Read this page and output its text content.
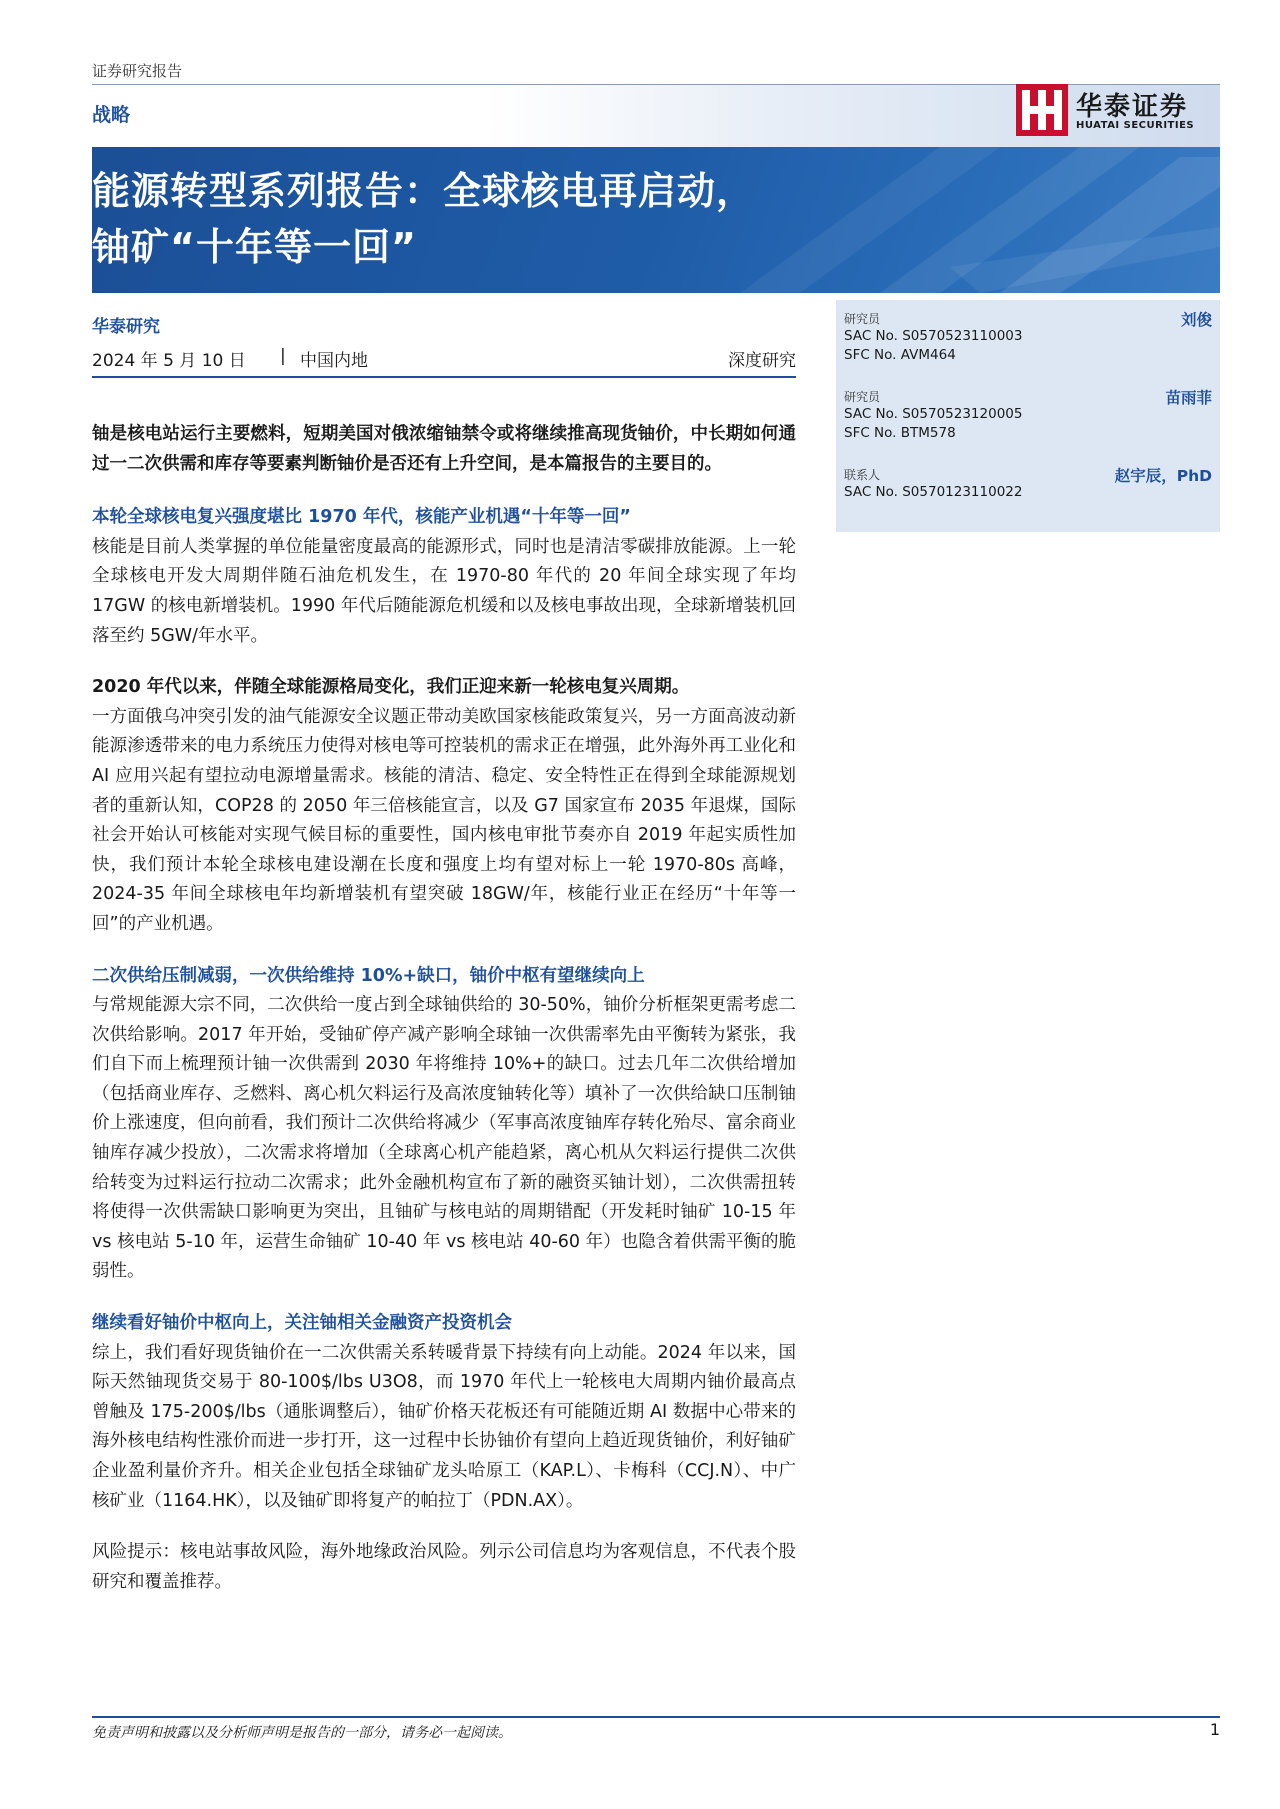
证券研究报告
战略	华泰证券
HUATAI SECURITIES
能源转型系列报告：全球核电再启动，
铀矿“十年等一回”
华泰研究
2024 年 5 月 10 日 | 中国内地	深度研究

铀是核电站运行主要燃料，短期美国对俄浓缩铀禁令或将继续推高现货铀价，中长期如何通过一二次供需和库存等要素判断铀价是否还有上升空间，是本篇报告的主要目的。

本轮全球核电复兴强度堪比 1970 年代，核能产业机遇“十年等一回”

核能是目前人类掌握的单位能量密度最高的能源形式，同时也是清洁零碳排放能源。上一轮全球核电开发大周期伴随石油危机发生，在 1970-80 年代的 20 年间全球实现了年均 17GW 的核电新增装机。1990 年代后随能源危机缓和以及核电事故出现，全球新增装机回落至约 5GW/年水平。

2020 年代以来，伴随全球能源格局变化，我们正迎来新一轮核电复兴周期。

一方面俄乌冲突引发的油气能源安全议题正带动美欧国家核能政策复兴，另一方面高波动新能源渗透带来的电力系统压力使得对核电等可控装机的需求正在增强，此外海外再工业化和 AI 应用兴起有望拉动电源增量需求。核能的清洁、稳定、安全特性正在得到全球能源规划者的重新认知，COP28 的 2050 年三倍核能宣言，以及 G7 国家宣布 2035 年退煤，国际社会开始认可核能对实现气候目标的重要性，国内核电审批节奏亦自 2019 年起实质性加快，我们预计本轮全球核电建设潮在长度和强度上均有望对标上一轮 1970-80s 高峰，2024-35 年间全球核电年均新增装机有望突破 18GW/年，核能行业正在经历“十年等一回”的产业机遇。

二次供给压制减弱，一次供给维持 10%+缺口，铀价中枢有望继续向上

与常规能源大宗不同，二次供给一度占到全球铀供给的 30-50%，铀价分析框架更需考虑二次供给影响。2017 年开始，受铀矿停产减产影响全球铀一次供需率先由平衡转为紧张，我们自下而上梳理预计铀一次供需到 2030 年将维持 10%+的缺口。过去几年二次供给增加（包括商业库存、乏燃料、离心机欠料运行及高浓度铀转化等）填补了一次供给缺口压制铀价上涨速度，但向前看，我们预计二次供给将减少（军事高浓度铀库存转化殆尽、富余商业铀库存减少投放），二次需求将增加（全球离心机产能趋紧，离心机从欠料运行提供二次供给转变为过料运行拉动二次需求；此外金融机构宣布了新的融资买铀计划），二次供需扭转将使得一次供需缺口影响更为突出，且铀矿与核电站的周期错配（开发耗时铀矿 10-15 年 vs 核电站 5-10 年，运营生命铀矿 10-40 年 vs 核电站 40-60 年）也隐含着供需平衡的脆弱性。

继续看好铀价中枢向上，关注铀相关金融资产投资机会

综上，我们看好现货铀价在一二次供需关系转暖背景下持续有向上动能。2024 年以来，国际天然铀现货交易于 80-100$/lbs U3O8，而 1970 年代上一轮核电大周期内铀价最高点曾触及 175-200$/lbs（通胀调整后），铀矿价格天花板还有可能随近期 AI 数据中心带来的海外核电结构性涨价而进一步打开，这一过程中长协铀价有望向上趋近现货铀价，利好铀矿企业盈利量价齐升。相关企业包括全球铀矿龙头哈原工（KAP.L）、卡梅科（CCJ.N）、中广核矿业（1164.HK），以及铀矿即将复产的帕拉丁（PDN.AX）。

风险提示：核电站事故风险，海外地缘政治风险。列示公司信息均为客观信息，不代表个股研究和覆盖推荐。

研究员	刘俊
SAC No. S0570523110003
SFC No. AVM464
研究员	苗雨菲
SAC No. S0570523120005
SFC No. BTM578
联系人	赵宇辰，PhD
SAC No. S0570123110022
免责声明和披露以及分析师声明是报告的一部分，请务必一起阅读。	1
